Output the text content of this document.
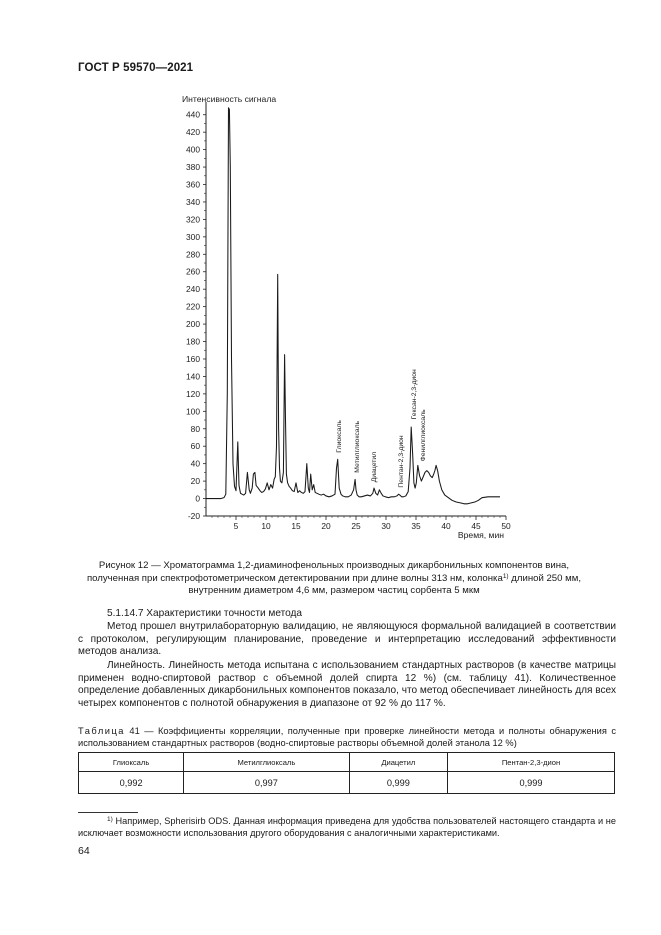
ГОСТ Р 59570—2021
Интенсивность сигнала
Время, мин
-20
0
20
40
60
80
100
120
140
160
180
200
220
240
260
280
300
320
340
360
380
400
420
440
5	10 15 20 25 30 35 40 45 50
Глиоксаль Метилглиоксаль Диацетил	Пентан-2,3-дион
Гексан-2,3-дион
Фенилглиоксаль
Рисунок 12 — Хроматограмма 1,2-диаминофенольных производных дикарбонильных компонентов вина,
полученная при спектрофотометрическом детектировании при длине волны 313 нм, колонка$^{1)}$ длиной 250 мм,
внутренним диаметром 4,6 мм, размером частиц сорбента 5 мкм
5.1.14.7 Характеристики точности метода
Метод прошел внутрилабораторную валидацию, не являющуюся формальной валидацией в соответствии с протоколом, регулирующим планирование, проведение и интерпретацию исследований эффективности методов анализа.
Линейность. Линейность метода испытана с использованием стандартных растворов (в качестве матрицы применен водно-спиртовой раствор с объемной долей спирта 12 %) (см. таблицу 41). Количественное определение добавленных дикарбонильных компонентов показало, что метод обеспечивает линейность для всех четырех компонентов с полнотой обнаружения в диапазоне от 92 % до 117 %.
Таблица 41 — Коэффициенты корреляции, полученные при проверке линейности метода и полноты обнаружения с использованием стандартных растворов (водно-спиртовые растворы объемной долей этанола 12 %)
Глиоксаль	Метилглиоксаль	Диацетил	Пентан-2,3-дион
0,992	0,997	0,999	0,999
$^{1)}$ Например, Spherisirb ODS. Данная информация приведена для удобства пользователей настоящего стандарта и не исключает возможности использования другого оборудования с аналогичными характеристиками.
64
